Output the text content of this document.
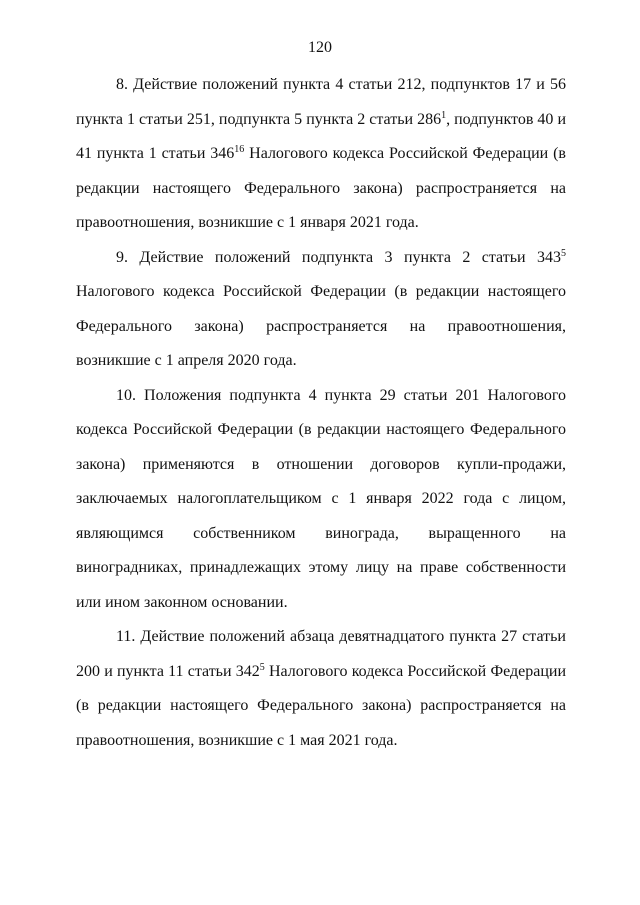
120

8. Действие положений пункта 4 статьи 212, подпунктов 17 и 56 пункта 1 статьи 251, подпункта 5 пункта 2 статьи $286^1$, подпунктов 40 и 41 пункта 1 статьи $346^{16}$ Налогового кодекса Российской Федерации (в редакции настоящего Федерального закона) распространяется на правоотношения, возникшие с 1 января 2021 года.

9. Действие положений подпункта 3 пункта 2 статьи $343^5$ Налогового кодекса Российской Федерации (в редакции настоящего Федерального закона) распространяется на правоотношения, возникшие с 1 апреля 2020 года.

10. Положения подпункта 4 пункта 29 статьи 201 Налогового кодекса Российской Федерации (в редакции настоящего Федерального закона) применяются в отношении договоров купли-продажи, заключаемых налогоплательщиком с 1 января 2022 года с лицом, являющимся собственником винограда, выращенного на виноградниках, принадлежащих этому лицу на праве собственности или ином законном основании.

11. Действие положений абзаца девятнадцатого пункта 27 статьи 200 и пункта 11 статьи $342^5$ Налогового кодекса Российской Федерации (в редакции настоящего Федерального закона) распространяется на правоотношения, возникшие с 1 мая 2021 года.
